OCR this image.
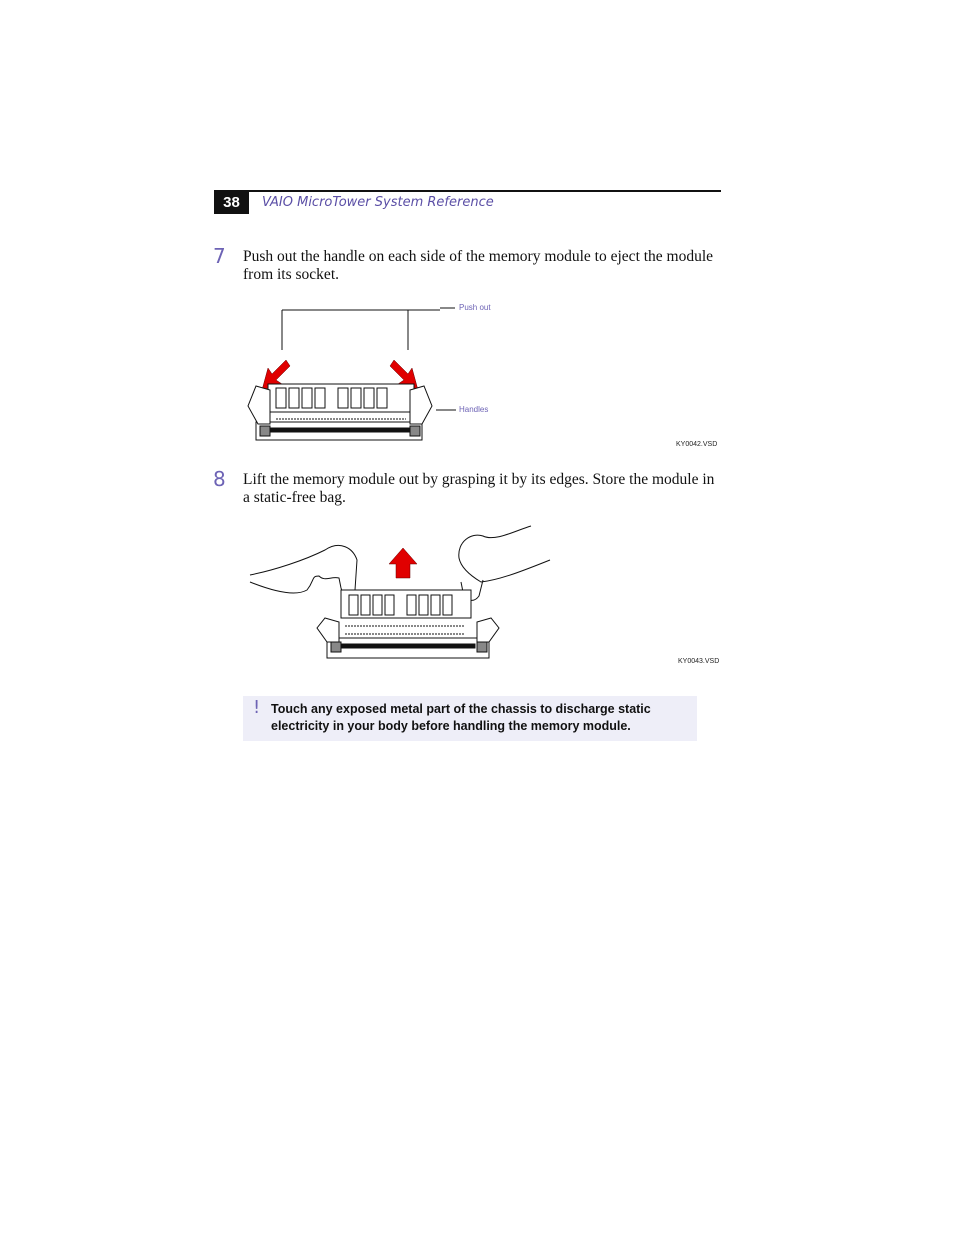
38	VAIO MicroTower System Reference
7 Push out the handle on each side of the memory module to eject the module from its socket.
Push out
Handles
KY0042.VSD
8 Lift the memory module out by grasping it by its edges. Store the module in a static-free bag.
KY0043.VSD
! Touch any exposed metal part of the chassis to discharge static electricity in your body before handling the memory module.
